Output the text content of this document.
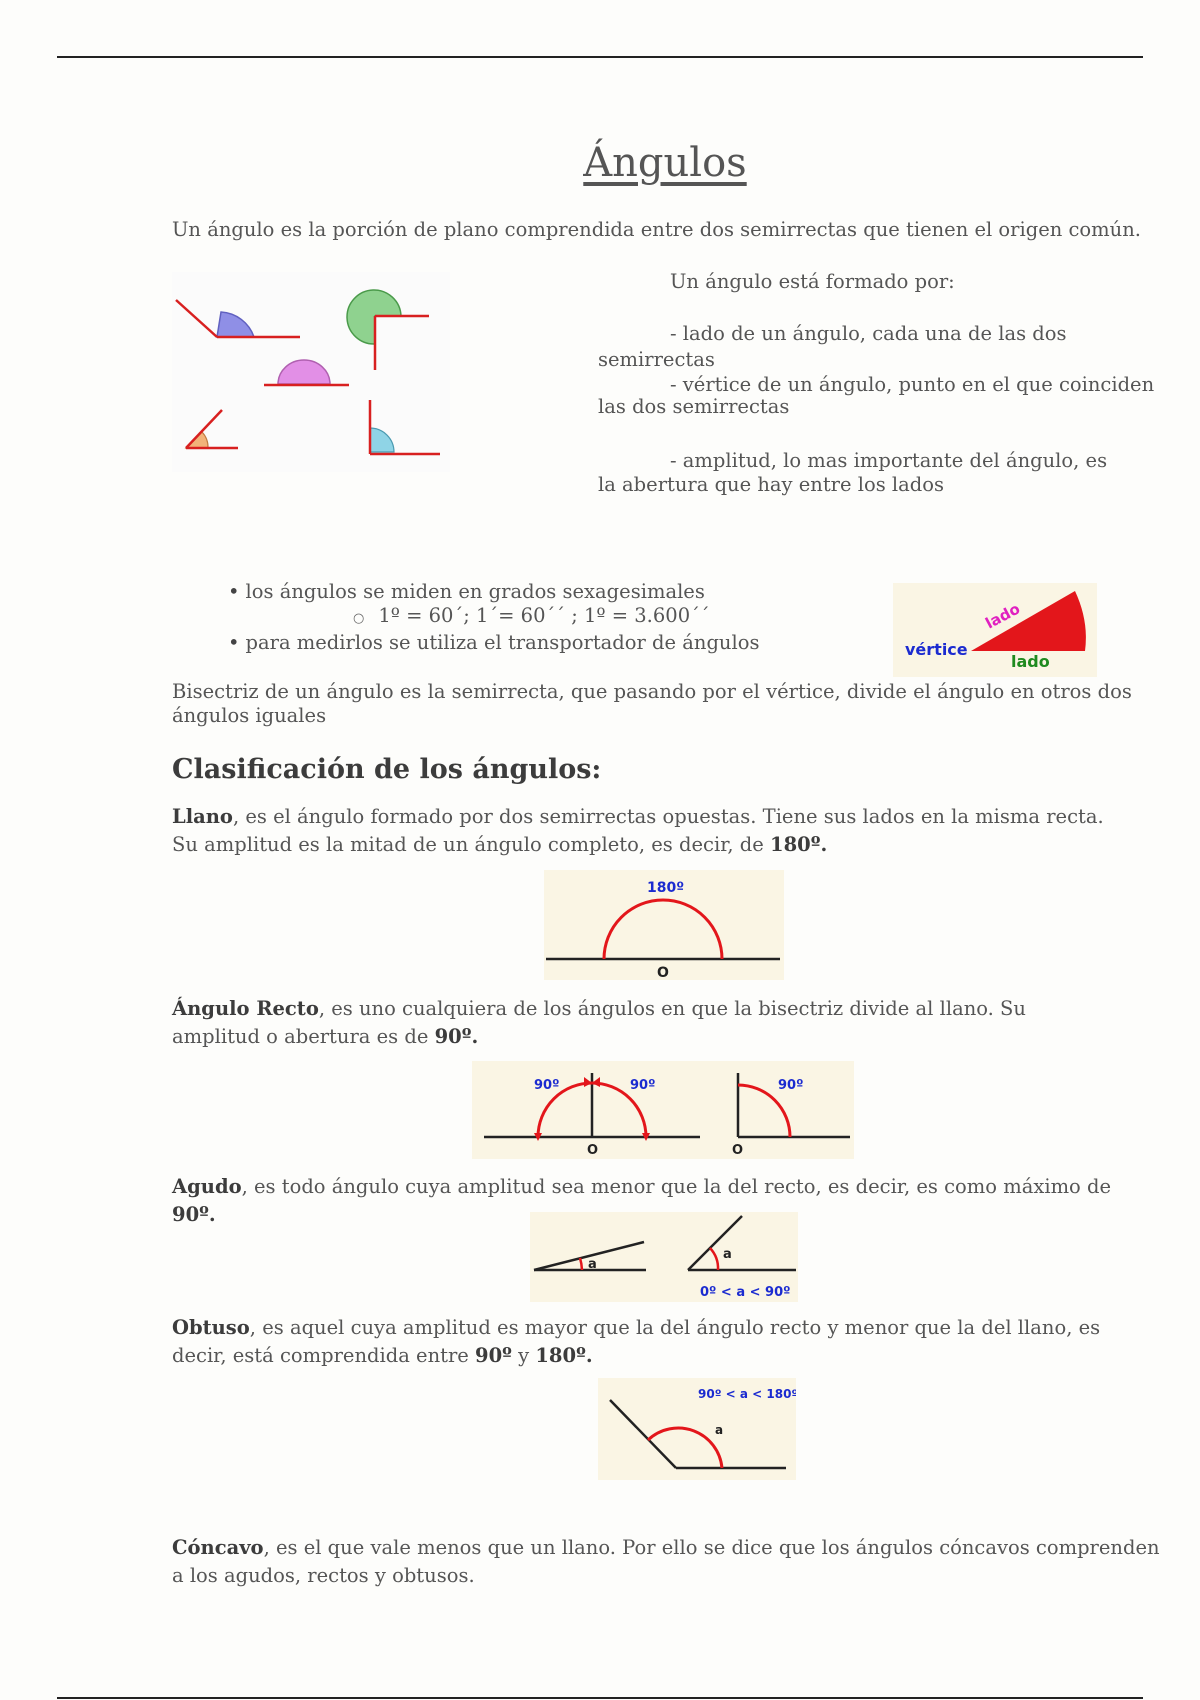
Ángulos
Un ángulo es la porción de plano comprendida entre dos semirrectas que tienen el origen común.
Un ángulo está formado por:
- lado de un ángulo, cada una de las dos semirrectas
- vértice de un ángulo, punto en el que coinciden las dos semirrectas
- amplitud, lo mas importante del ángulo, es la abertura que hay entre los lados
• los ángulos se miden en grados sexagesimales
○ 1º = 60´; 1´= 60´´ ; 1º = 3.600´´
• para medirlos se utiliza el transportador de ángulos
lado
vértice
lado
Bisectriz de un ángulo es la semirrecta, que pasando por el vértice, divide el ángulo en otros dos ángulos iguales
Clasificación de los ángulos:
Llano, es el ángulo formado por dos semirrectas opuestas. Tiene sus lados en la misma recta. Su amplitud es la mitad de un ángulo completo, es decir, de 180º.
180º
O
Ángulo Recto, es uno cualquiera de los ángulos en que la bisectriz divide al llano. Su amplitud o abertura es de 90º.
90º	90º
O
90º
O
Agudo, es todo ángulo cuya amplitud sea menor que la del recto, es decir, es como máximo de 90º.
a
a
0º < a < 90º
Obtuso, es aquel cuya amplitud es mayor que la del ángulo recto y menor que la del llano, es decir, está comprendida entre 90º y 180º.
a
90º < a < 180º
Cóncavo, es el que vale menos que un llano. Por ello se dice que los ángulos cóncavos comprenden a los agudos, rectos y obtusos.
